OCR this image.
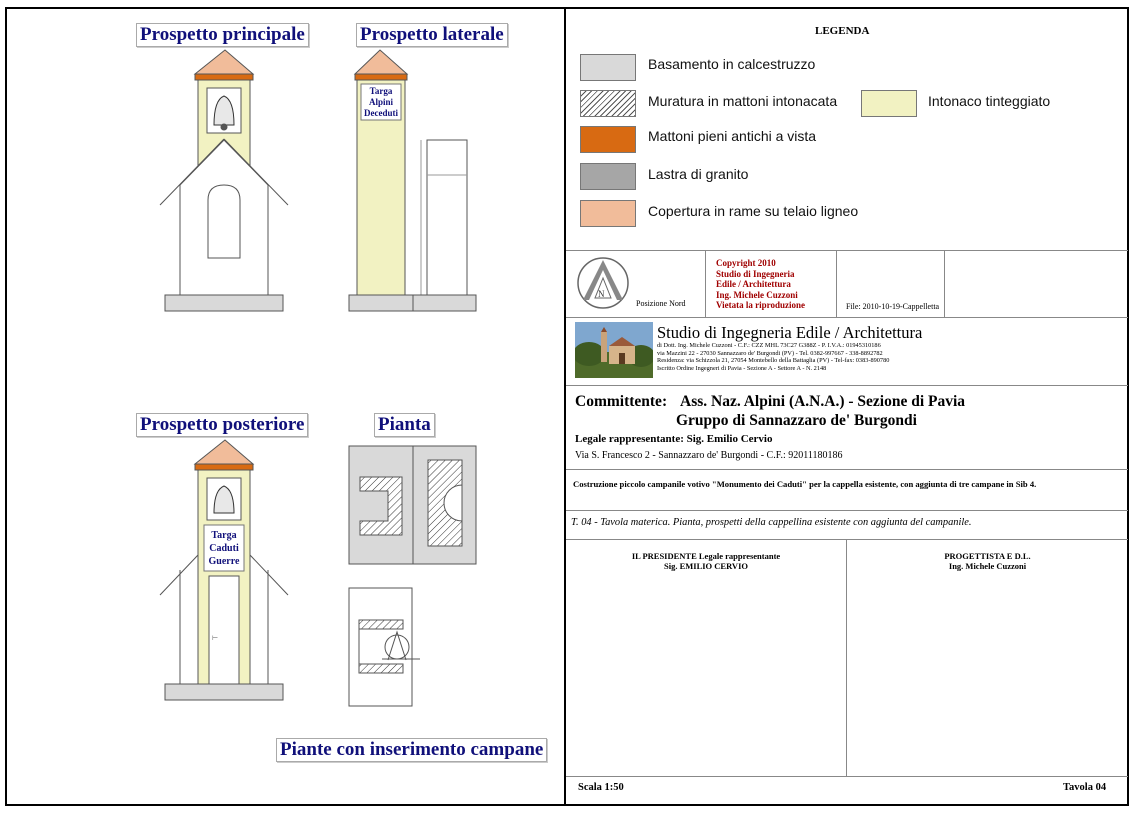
Prospetto principale	Prospetto laterale
Prospetto posteriore	Pianta
Piante con inserimento campane
Targa
Alpini
Deceduti
Targa
Caduti
Guerre
⊢
LEGENDA
Basamento in calcestruzzo
Muratura in mattoni intonacata	Intonaco tinteggiato
Mattoni pieni antichi a vista
Lastra di granito
Copertura in rame su telaio ligneo
N
Posizione Nord
Copyright 2010
Studio di Ingegneria
Edile / Architettura
Ing. Michele Cuzzoni
Vietata la riproduzione	File: 2010-10-19-Cappelletta
Studio di Ingegneria Edile / Architettura
di Dott. Ing. Michele Cuzzoni - C.F.: CZZ MHL 73C27 G388Z - P. I.V.A.: 01945310186
via Mazzini 22 - 27030 Sannazzaro de' Burgondi (PV) - Tel. 0382-997667 - 338-8892782
Residenza: via Schizzola 21, 27054 Montebello della Battaglia (PV) - Tel-fax: 0383-890780
Iscritto Ordine Ingegneri di Pavia - Sezione A - Settore A - N. 2148
Committente: Ass. Naz. Alpini (A.N.A.) - Sezione di Pavia
Gruppo di Sannazzaro de' Burgondi
Legale rappresentante: Sig. Emilio Cervio
Via S. Francesco 2 - Sannazzaro de' Burgondi - C.F.: 92011180186
Costruzione piccolo campanile votivo "Monumento dei Caduti" per la cappella esistente, con aggiunta di tre campane in Sib 4.
T. 04 - Tavola materica. Pianta, prospetti della cappellina esistente con aggiunta del campanile.
IL PRESIDENTE Legale rappresentante
Sig. EMILIO CERVIO
PROGETTISTA E D.L.
Ing. Michele Cuzzoni
Scala 1:50	Tavola 04
